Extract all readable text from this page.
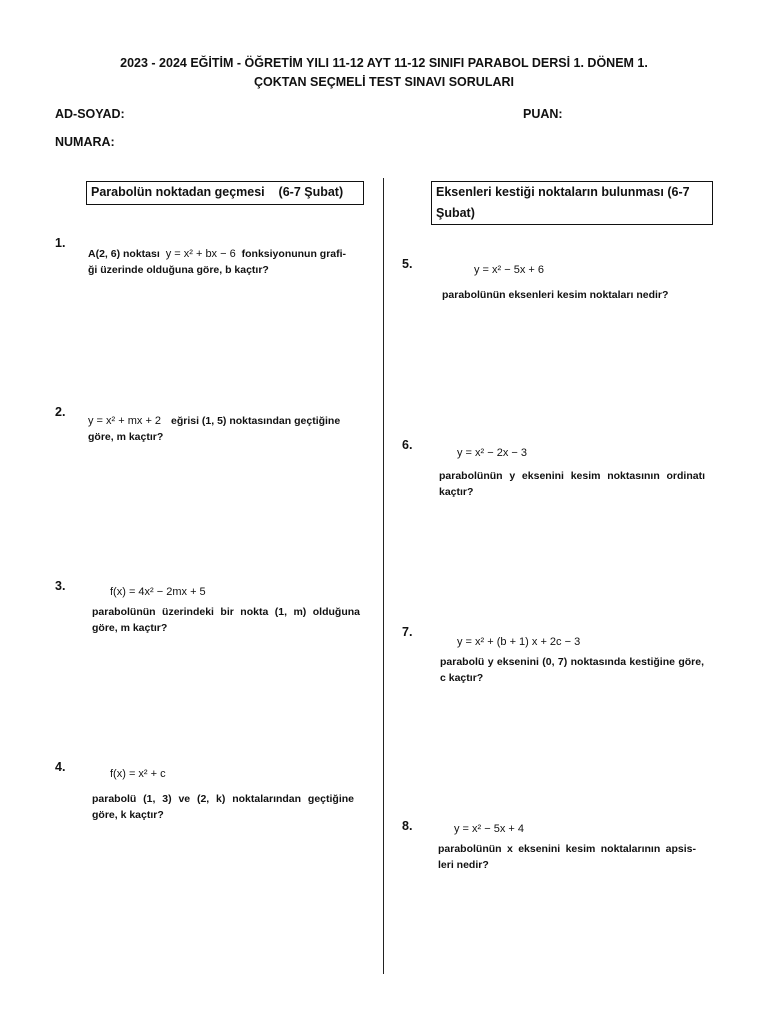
2023 - 2024 EĞİTİM - ÖĞRETİM YILI 11-12 AYT 11-12 SINIFI PARABOL DERSİ 1. DÖNEM 1.
ÇOKTAN SEÇMELİ TEST SINAVI SORULARI
AD-SOYAD:	PUAN:
NUMARA:
Parabolün noktadan geçmesi    (6-7 Şubat)	Eksenleri kestiği noktaların bulunması (6-7 Şubat)
1.
A(2, 6) noktası y = x² + bx − 6 fonksiyonunun grafi-
ği üzerinde olduğuna göre, b kaçtır?
2.
y = x² + mx + 2 eğrisi (1, 5) noktasından geçtiğine
göre, m kaçtır?
3.	f(x) = 4x² − 2mx + 5
parabolünün üzerindeki bir nokta (1, m) olduğuna göre, m kaçtır?
4.	f(x) = x² + c
parabolü (1, 3) ve (2, k) noktalarından geçtiğine göre, k kaçtır?
5.	y = x² − 5x + 6
parabolünün eksenleri kesim noktaları nedir?
6.
y = x² − 2x − 3
parabolünün y eksenini kesim noktasının ordinatı kaçtır?
7.
y = x² + (b + 1) x + 2c − 3
parabolü y eksenini (0, 7) noktasında kestiğine göre, c kaçtır?
8.	y = x² − 5x + 4
parabolünün x eksenini kesim noktalarının apsis-leri nedir?
